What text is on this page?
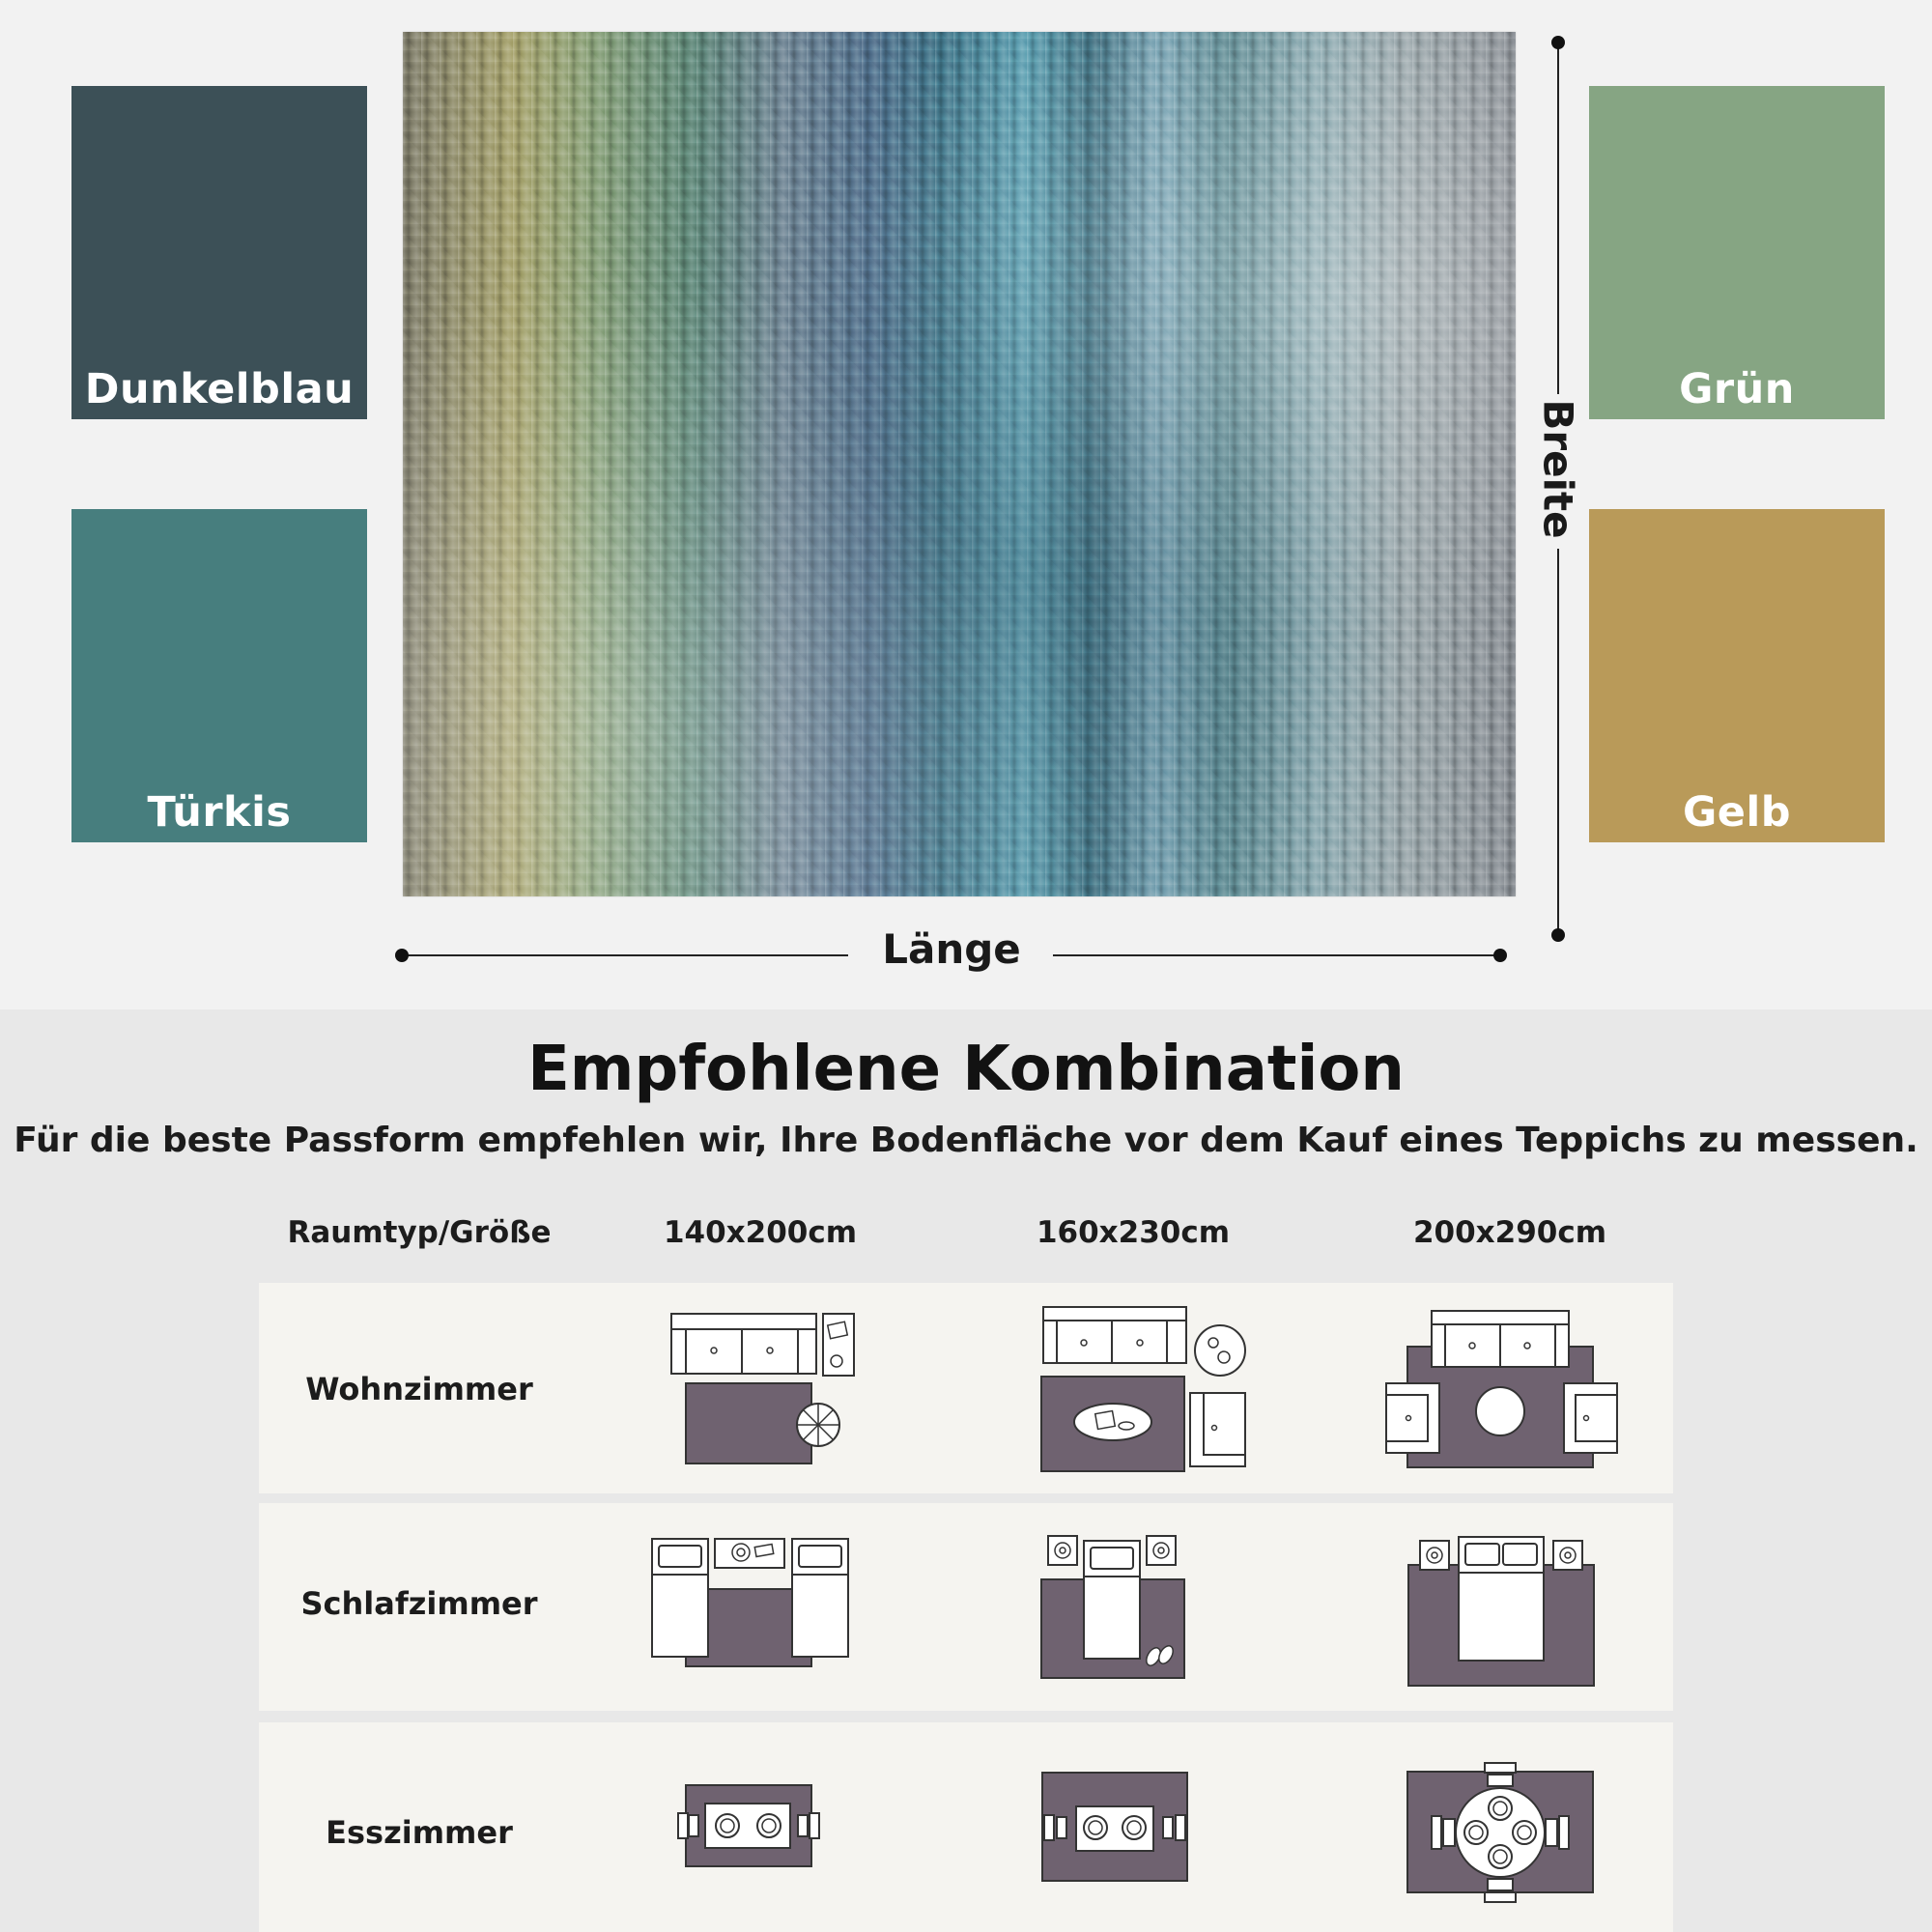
Dunkelblau
Türkis
Grün
Gelb
Länge
Breite
Empfohlene Kombination
Für die beste Passform empfehlen wir, Ihre Bodenfläche vor dem Kauf eines Teppichs zu messen.
Raumtyp/Größe	140x200cm	160x230cm	200x290cm
Wohnzimmer
Schlafzimmer
Esszimmer
